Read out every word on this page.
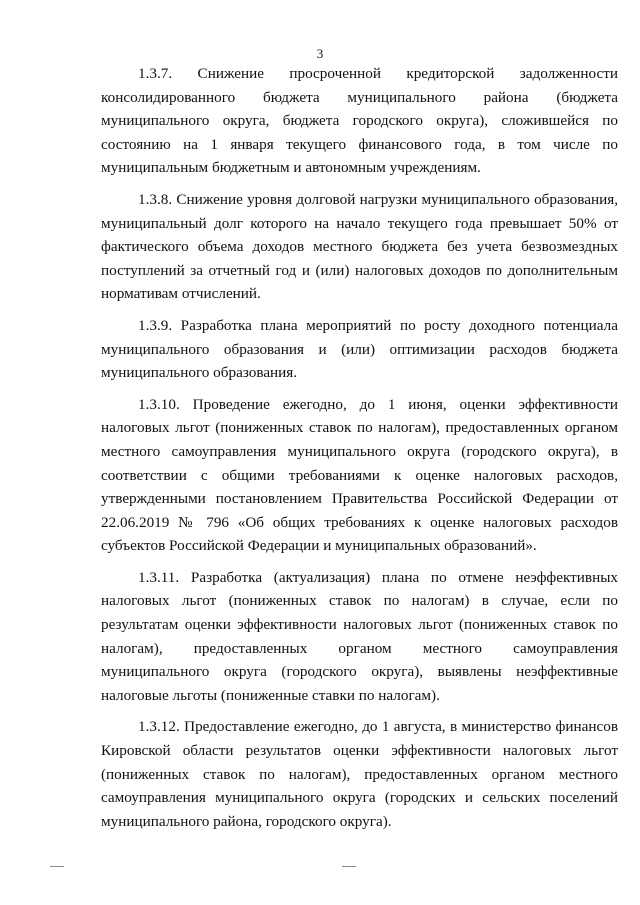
3

1.3.7. Снижение просроченной кредиторской задолженности консолидированного бюджета муниципального района (бюджета муниципального округа, бюджета городского округа), сложившейся по состоянию на 1 января текущего финансового года, в том числе по муниципальным бюджетным и автономным учреждениям.

1.3.8. Снижение уровня долговой нагрузки муниципального образования, муниципальный долг которого на начало текущего года превышает 50% от фактического объема доходов местного бюджета без учета безвозмездных поступлений за отчетный год и (или) налоговых доходов по дополнительным нормативам отчислений.

1.3.9. Разработка плана мероприятий по росту доходного потенциала муниципального образования и (или) оптимизации расходов бюджета муниципального образования.

1.3.10. Проведение ежегодно, до 1 июня, оценки эффективности налоговых льгот (пониженных ставок по налогам), предоставленных органом местного самоуправления муниципального округа (городского округа), в соответствии с общими требованиями к оценке налоговых расходов, утвержденными постановлением Правительства Российской Федерации от 22.06.2019 № 796 «Об общих требованиях к оценке налоговых расходов субъектов Российской Федерации и муниципальных образований».

1.3.11. Разработка (актуализация) плана по отмене неэффективных налоговых льгот (пониженных ставок по налогам) в случае, если по результатам оценки эффективности налоговых льгот (пониженных ставок по налогам), предоставленных органом местного самоуправления муниципального округа (городского округа), выявлены неэффективные налоговые льготы (пониженные ставки по налогам).

1.3.12. Предоставление ежегодно, до 1 августа, в министерство финансов Кировской области результатов оценки эффективности налоговых льгот (пониженных ставок по налогам), предоставленных органом местного самоуправления муниципального округа (городских и сельских поселений муниципального района, городского округа).
